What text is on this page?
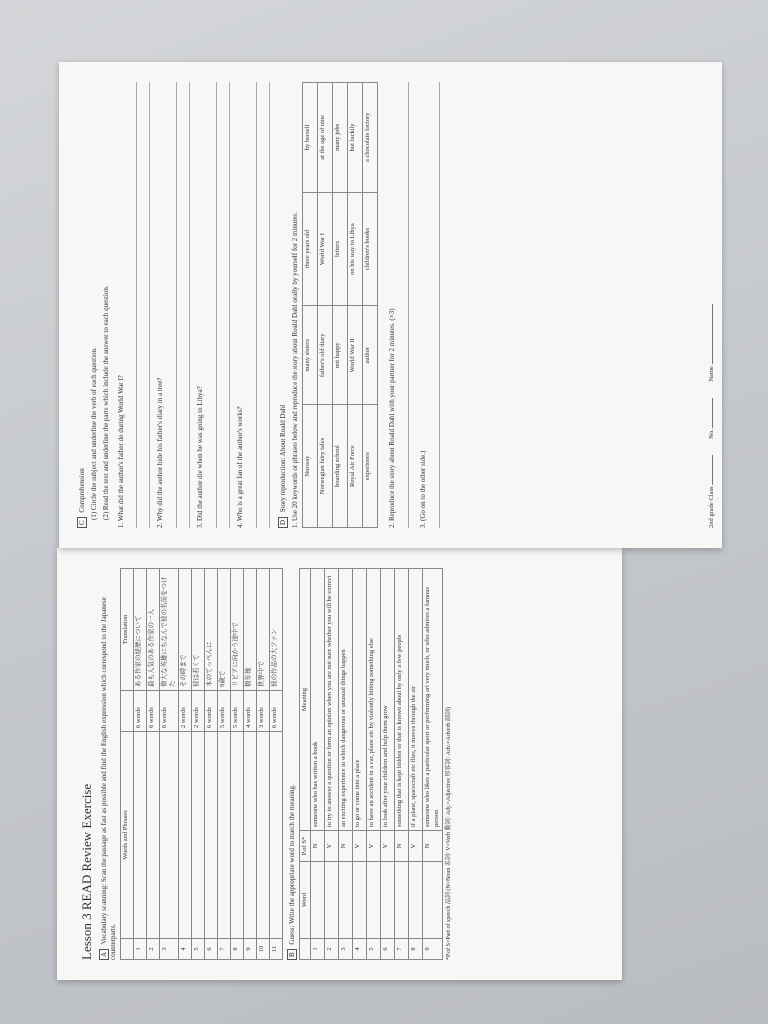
Lesson 3 READ Review Exercise A Vocabulary scanning: Scan the passage as fast as possible and find the English expression which correspond to the Japanese counterparts.
	Words and Phrases		Translation
1		6 words	ある作家の経歴について
2		6 words	最も人気のある作家の一人
3		6 words	偉大な英雄にちなんで彼の名前をつけた
4		2 words	その時まで
5		2 words	彼は若くて
6		6 words	木のてっぺんに
7		5 words	9歳で
8		5 words	リビアに向かう途中で
9		4 words	数年後
10		3 words	世界中で
11		6 words	彼の作品の大ファン
B Guess: Write the appropriate word to match the meaning.
	Word	P.of S*	Meaning
1		N	someone who has written a book
2		V	to try to answer a question or form an opinion when you are not sure whether you will be correct
3		N	an exciting experience in which dangerous or unusual things happen
4		V	to go or come into a place
5		V	to have an accident in a car, plane etc by violently hitting something else
6		V	to look after your children and help them grow
7		N	something that is kept hidden or that is known about by only a few people
8		V	if a plane, spacecraft etc flies, it moves through the air
9		N	someone who likes a particular sport or performing art very much, or who admires a famous person *P.of S=Part of speech 品詞 (N=Noun 名詞/ V=Verb 動詞/ Adj.=Adjective 形容詞/ Adv.=Adverb 副詞)
C Comprehension (1) Circle the subject and underline the verb of each question. (2) Read the text and underline the parts which include the answer to each question. 1. What did the author's father do during World War I?	2. Why did the author hide his father's diary in a tree?	3. Did the author die when he was going to Libya?	4. Who is a great fan of the author's works?	D Story reproduction: About Roald Dahl 1. Use 20 keywords or phrases below and reproduce the story about Roald Dahl orally by yourself for 2 minutes. Norway	many sisters	three years old	by herself
Norwegian fairy tales	father's old diary	World War I	at the age of nine
boarding school	not happy	letters	many jobs
Royal Air Force	World War II	on his way to Libya	but luckily
experience	author	children's books	a chocolate factory
2. Reproduce the story about Roald Dahl with your partner for 2 minutes. (×3)	3. (Go on to the other side.)	2nd grade Class
No.
Name
